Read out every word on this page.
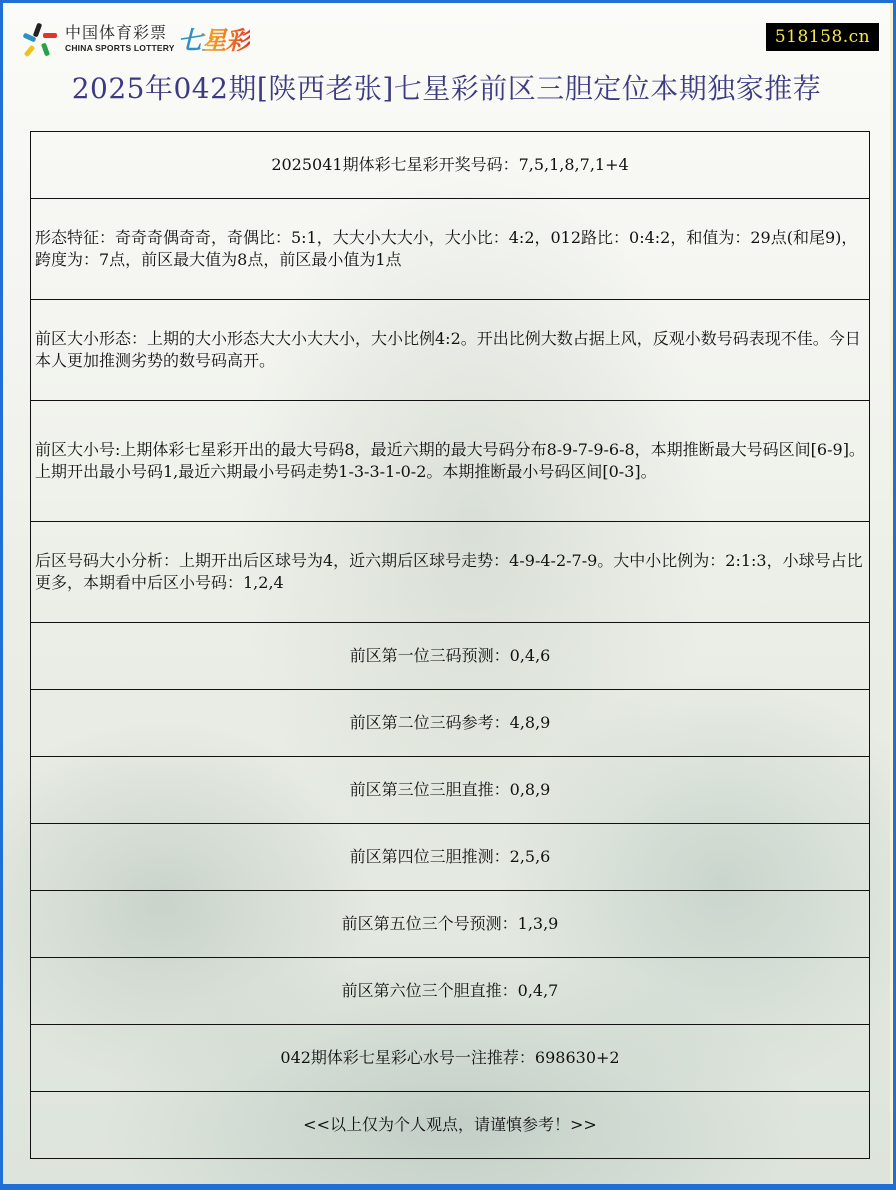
中国体育彩票
CHINA SPORTS LOTTERY 七星彩	518158.cn
2025年042期[陕西老张]七星彩前区三胆定位本期独家推荐
2025041期体彩七星彩开奖号码：7,5,1,8,7,1+4
形态特征：奇奇奇偶奇奇，奇偶比：5:1，大大小大大小，大小比：4:2，012路比：0:4:2，和值为：29点(和尾9)，跨度为：7点，前区最大值为8点，前区最小值为1点
前区大小形态：上期的大小形态大大小大大小，大小比例4:2。开出比例大数占据上风，反观小数号码表现不佳。今日本人更加推测劣势的数号码高开。
前区大小号:上期体彩七星彩开出的最大号码8，最近六期的最大号码分布8-9-7-9-6-8，本期推断最大号码区间[6-9]。上期开出最小号码1,最近六期最小号码走势1-3-3-1-0-2。本期推断最小号码区间[0-3]。
后区号码大小分析：上期开出后区球号为4，近六期后区球号走势：4-9-4-2-7-9。大中小比例为：2:1:3，小球号占比更多，本期看中后区小号码：1,2,4
前区第一位三码预测：0,4,6
前区第二位三码参考：4,8,9
前区第三位三胆直推：0,8,9
前区第四位三胆推测：2,5,6
前区第五位三个号预测：1,3,9
前区第六位三个胆直推：0,4,7
042期体彩七星彩心水号一注推荐：698630+2
<<以上仅为个人观点，请谨慎参考！>>
